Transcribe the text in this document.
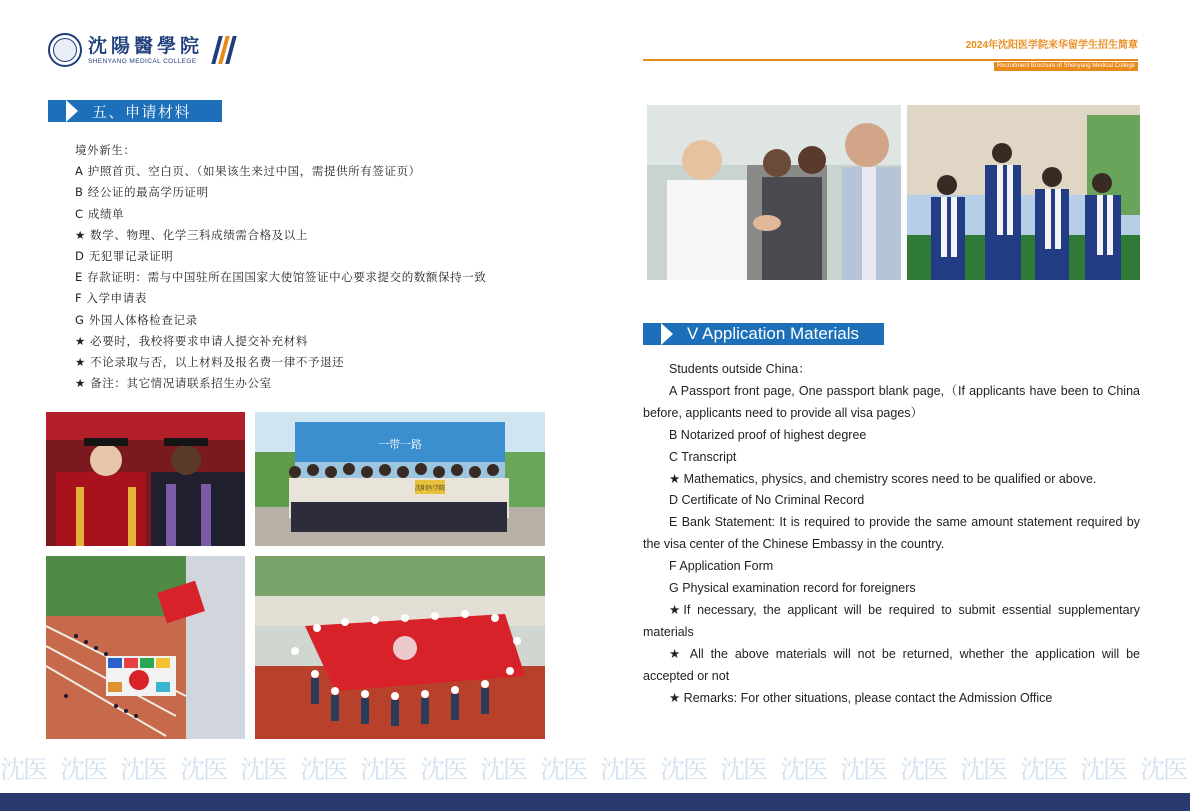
沈陽醫學院
SHENYANG MEDICAL COLLEGE
2024年沈阳医学院来华留学生招生简章
Recruitment Brochure of Shenyang Medical College
五、申请材料
境外新生：
A 护照首页、空白页、（如果该生来过中国，需提供所有签证页）
B 经公证的最高学历证明
C 成绩单
★ 数学、物理、化学三科成绩需合格及以上
D 无犯罪记录证明
E 存款证明：需与中国驻所在国国家大使馆签证中心要求提交的数额保持一致
F 入学申请表
G 外国人体格检查记录
★ 必要时，我校将要求申请人提交补充材料
★ 不论录取与否，以上材料及报名费一律不予退还
★ 备注：其它情况请联系招生办公室
一带一路
沈阳医学院
V Application Materials

Students outside China：

A Passport front page, One passport blank page,（If applicants have been to China before, applicants need to provide all visa pages）

B Notarized proof of highest degree

C Transcript

★ Mathematics, physics, and chemistry scores need to be qualified or above.

D Certificate of No Criminal Record

E Bank Statement: It is required to provide the same amount statement required by the visa center of the Chinese Embassy in the country.

F Application Form

G Physical examination record for foreigners

★If necessary, the applicant will be required to submit essential supplementary materials

★ All the above materials will not be returned, whether the application will be accepted or not

★ Remarks: For other situations, please contact the Admission Office

沈医 沈医 沈医 沈医 沈医 沈医 沈医 沈医 沈医 沈医 沈医 沈医 沈医 沈医 沈医 沈医 沈医 沈医 沈医 沈医
